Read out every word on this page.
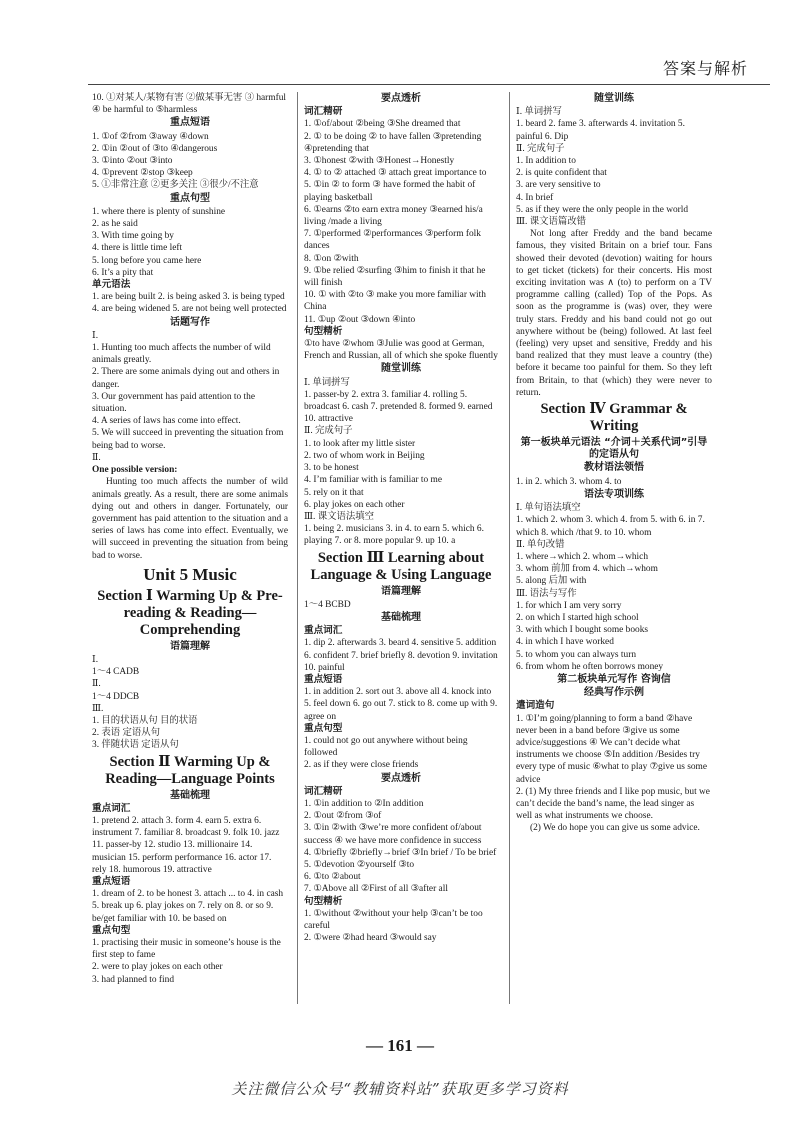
答案与解析
10. ①对某人/某物有害 ②做某事无害 ③ harmful ④ be harmful to ⑤harmless
重点短语
1. ①of ②from ③away ④down
2. ①in ②out of ③to ④dangerous
3. ①into ②out ③into
4. ①prevent ②stop ③keep
5. ①非常注意 ②更多关注 ③很少/不注意
重点句型
1. where there is plenty of sunshine
2. as he said
3. With time going by
4. there is little time left
5. long before you came here
6. It’s a pity that
单元语法
1. are being built 2. is being asked 3. is being typed 4. are being widened 5. are not being well protected
话题写作
Ⅰ.
1. Hunting too much affects the number of wild animals greatly.
2. There are some animals dying out and others in danger.
3. Our government has paid attention to the situation.
4. A series of laws has come into effect.
5. We will succeed in preventing the situation from being bad to worse.
Ⅱ.
One possible version:
Hunting too much affects the number of wild animals greatly. As a result, there are some animals dying out and others in danger. Fortunately, our government has paid attention to the situation and a series of laws has come into effect. Eventually, we will succeed in preventing the situation from being bad to worse.
Unit 5 Music
Section Ⅰ Warming Up & Pre-reading & Reading—Comprehending
语篇理解
Ⅰ.
1～4 CADB
Ⅱ.
1～4 DDCB
Ⅲ.
1. 目的状语从句 目的状语
2. 表语 定语从句
3. 伴随状语 定语从句
Section Ⅱ Warming Up & Reading—Language Points
基础梳理
重点词汇
1. pretend 2. attach 3. form 4. earn 5. extra 6. instrument 7. familiar 8. broadcast 9. folk 10. jazz 11. passer-by 12. studio 13. millionaire 14. musician 15. perform performance 16. actor 17. rely 18. humorous 19. attractive
重点短语
1. dream of 2. to be honest 3. attach ... to 4. in cash 5. break up 6. play jokes on 7. rely on 8. or so 9. be/get familiar with 10. be based on
重点句型
1. practising their music in someone’s house is the first step to fame
2. were to play jokes on each other
3. had planned to find
要点透析
词汇精研
1. ①of/about ②being ③She dreamed that
2. ① to be doing ② to have fallen ③pretending ④pretending that
3. ①honest ②with ③Honest→Honestly
4. ① to ② attached ③ attach great importance to
5. ①in ② to form ③ have formed the habit of playing basketball
6. ①earns ②to earn extra money ③earned his/a living /made a living
7. ①performed ②performances ③perform folk dances
8. ①on ②with
9. ①be relied ②surfing ③him to finish it that he will finish
10. ① with ②to ③ make you more familiar with China
11. ①up ②out ③down ④into
句型精析
①to have ②whom ③Julie was good at German, French and Russian, all of which she spoke fluently
随堂训练
Ⅰ. 单词拼写
1. passer-by 2. extra 3. familiar 4. rolling 5. broadcast 6. cash 7. pretended 8. formed 9. earned 10. attractive
Ⅱ. 完成句子
1. to look after my little sister
2. two of whom work in Beijing
3. to be honest
4. I’m familiar with is familiar to me
5. rely on it that
6. play jokes on each other
Ⅲ. 课文语法填空
1. being 2. musicians 3. in 4. to earn 5. which 6. playing 7. or 8. more popular 9. up 10. a
Section Ⅲ Learning about Language & Using Language
语篇理解
1～4 BCBD
基础梳理
重点词汇
1. dip 2. afterwards 3. beard 4. sensitive 5. addition 6. confident 7. brief briefly 8. devotion 9. invitation 10. painful
重点短语
1. in addition 2. sort out 3. above all 4. knock into 5. feel down 6. go out 7. stick to 8. come up with 9. agree on
重点句型
1. could not go out anywhere without being followed
2. as if they were close friends
要点透析
词汇精研
1. ①in addition to ②In addition
2. ①out ②from ③of
3. ①in ②with ③we’re more confident of/about success ④ we have more confidence in success
4. ①briefly ②briefly→brief ③In brief / To be brief
5. ①devotion ②yourself ③to
6. ①to ②about
7. ①Above all ②First of all ③after all
句型精析
1. ①without ②without your help ③can’t be too careful
2. ①were ②had heard ③would say
随堂训练
Ⅰ. 单词拼写
1. beard 2. fame 3. afterwards 4. invitation 5. painful 6. Dip
Ⅱ. 完成句子
1. In addition to
2. is quite confident that
3. are very sensitive to
4. In brief
5. as if they were the only people in the world
Ⅲ. 课文语篇改错
Not long after Freddy and the band became famous, they visited Britain on a brief tour. Fans showed their devoted (devotion) waiting for hours to get ticket (tickets) for their concerts. His most exciting invitation was ∧ (to) to perform on a TV programme calling (called) Top of the Pops. As soon as the programme is (was) over, they were truly stars. Freddy and his band could not go out anywhere without be (being) followed. At last feel (feeling) very upset and sensitive, Freddy and his band realized that they must leave a country (the) before it became too painful for them. So they left from Britain, to that (which) they were never to return.
Section Ⅳ Grammar & Writing
第一板块单元语法 “介词＋关系代词”引导的定语从句
教材语法领悟
1. in 2. which 3. whom 4. to
语法专项训练
Ⅰ. 单句语法填空
1. which 2. whom 3. which 4. from 5. with 6. in 7. which 8. which /that 9. to 10. whom
Ⅱ. 单句改错
1. where→which 2. whom→which
3. whom 前加 from 4. which→whom
5. along 后加 with
Ⅲ. 语法与写作
1. for which I am very sorry
2. on which I started high school
3. with which I bought some books
4. in which I have worked
5. to whom you can always turn
6. from whom he often borrows money
第二板块单元写作 咨询信
经典写作示例
遣词造句
1. ①I’m going/planning to form a band ②have never been in a band before ③give us some advice/suggestions ④ We can’t decide what instruments we choose ⑤In addition /Besides try every type of music ⑥what to play ⑦give us some advice
2. (1) My three friends and I like pop music, but we can’t decide the band’s name, the lead singer as well as what instruments we choose.
(2) We do hope you can give us some advice.
— 161 —
关注微信公众号“教辅资料站”获取更多学习资料
